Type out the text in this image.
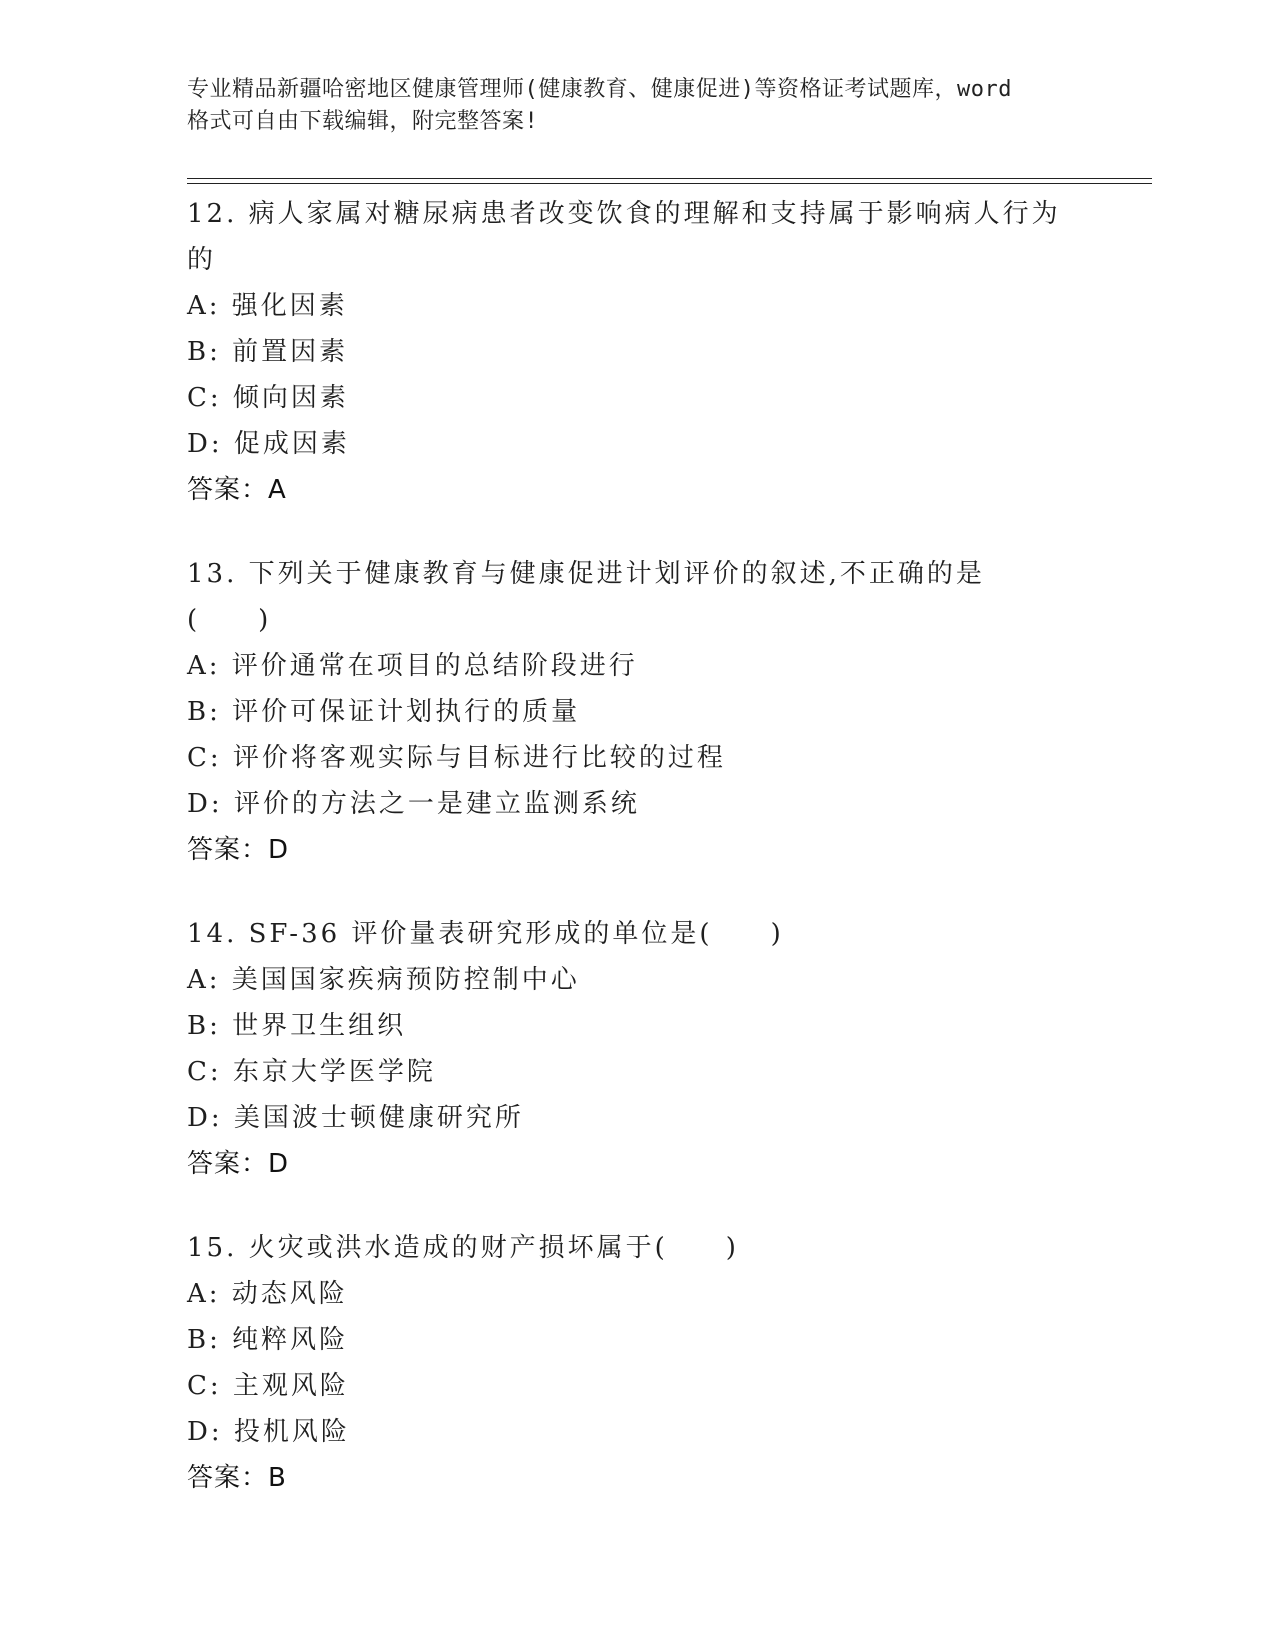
专业精品新疆哈密地区健康管理师(健康教育、健康促进)等资格证考试题库，word
格式可自由下载编辑，附完整答案!
12. 病人家属对糖尿病患者改变饮食的理解和支持属于影响病人行为的
A: 强化因素
B: 前置因素
C: 倾向因素
D: 促成因素
答案：A
13. 下列关于健康教育与健康促进计划评价的叙述,不正确的是(　　)
A: 评价通常在项目的总结阶段进行
B: 评价可保证计划执行的质量
C: 评价将客观实际与目标进行比较的过程
D: 评价的方法之一是建立监测系统
答案：D
14. SF-36 评价量表研究形成的单位是(　　)
A: 美国国家疾病预防控制中心
B: 世界卫生组织
C: 东京大学医学院
D: 美国波士顿健康研究所
答案：D
15. 火灾或洪水造成的财产损坏属于(　　)
A: 动态风险
B: 纯粹风险
C: 主观风险
D: 投机风险
答案：B
